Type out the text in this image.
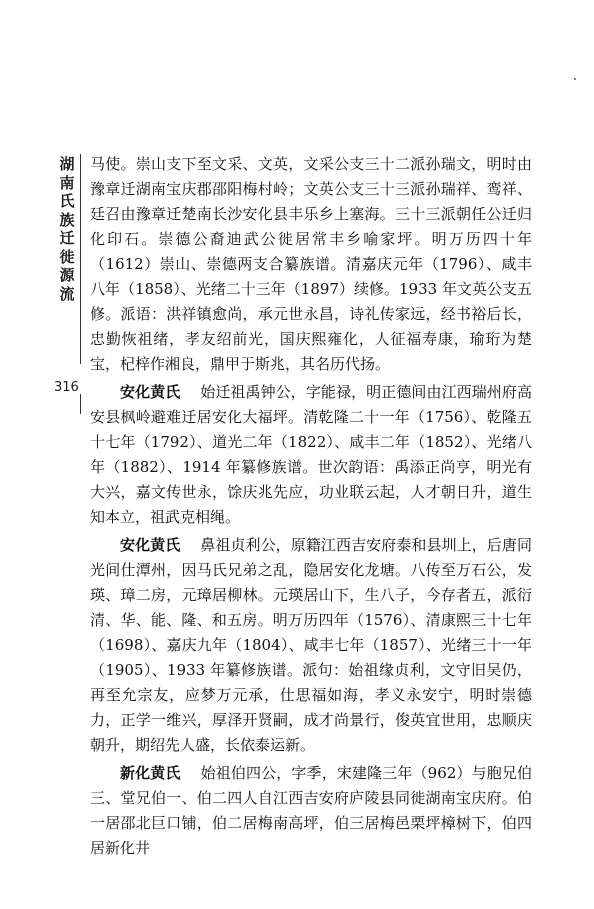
湖南氏族迁徙源流
316

马使。崇山支下至文采、文英，文采公支三十二派孙瑞文，明时由豫章迁湖南宝庆郡邵阳梅村岭；文英公支三十三派孙瑞祥、鸾祥、廷召由豫章迁楚南长沙安化县丰乐乡上塞海。三十三派朝任公迁归化印石。崇德公裔迪武公徙居常丰乡喻家坪。明万历四十年（1612）崇山、崇德两支合纂族谱。清嘉庆元年（1796）、咸丰八年（1858）、光绪二十三年（1897）续修。1933 年文英公支五修。派语：洪祥镇愈尚，承元世永昌，诗礼传家远，经书裕后长，忠勤恢祖绪，孝友绍前光，国庆熙雍化，人征福寿康，瑜珩为楚宝，杞梓作湘良，鼎甲于斯兆，其名历代扬。

安化黄氏　 始迁祖禹钟公，字能禄，明正德间由江西瑞州府高安县枫岭避难迁居安化大福坪。清乾隆二十一年（1756）、乾隆五十七年（1792）、道光二年（1822）、咸丰二年（1852）、光绪八年（1882）、1914 年纂修族谱。世次韵语：禹添正尚亨，明光有大兴，嘉文传世永，馀庆兆先应，功业联云起，人才朝日升，道生知本立，祖武克相绳。

安化黄氏　 鼻祖贞利公，原籍江西吉安府泰和县圳上，后唐同光间仕潭州，因马氏兄弟之乱，隐居安化龙塘。八传至万石公，发瑛、璋二房，元璋居柳林。元瑛居山下，生八子，今存者五，派衍清、华、能、隆、和五房。明万历四年（1576）、清康熙三十七年（1698）、嘉庆九年（1804）、咸丰七年（1857）、光绪三十一年（1905）、1933 年纂修族谱。派句：始祖缘贞利，文守旧吴仍，再至允宗友，应梦万元承，仕思福如海，孝义永安宁，明时崇德力，正学一维兴，厚泽开贤嗣，成才尚景行，俊英宜世用，忠顺庆朝升，期绍先人盛，长依泰运新。

新化黄氏　 始祖伯四公，字季，宋建隆三年（962）与胞兄伯三、堂兄伯一、伯二四人自江西吉安府庐陵县同徙湖南宝庆府。伯一居邵北巨口铺，伯二居梅南高坪，伯三居梅邑栗坪樟树下，伯四居新化井
